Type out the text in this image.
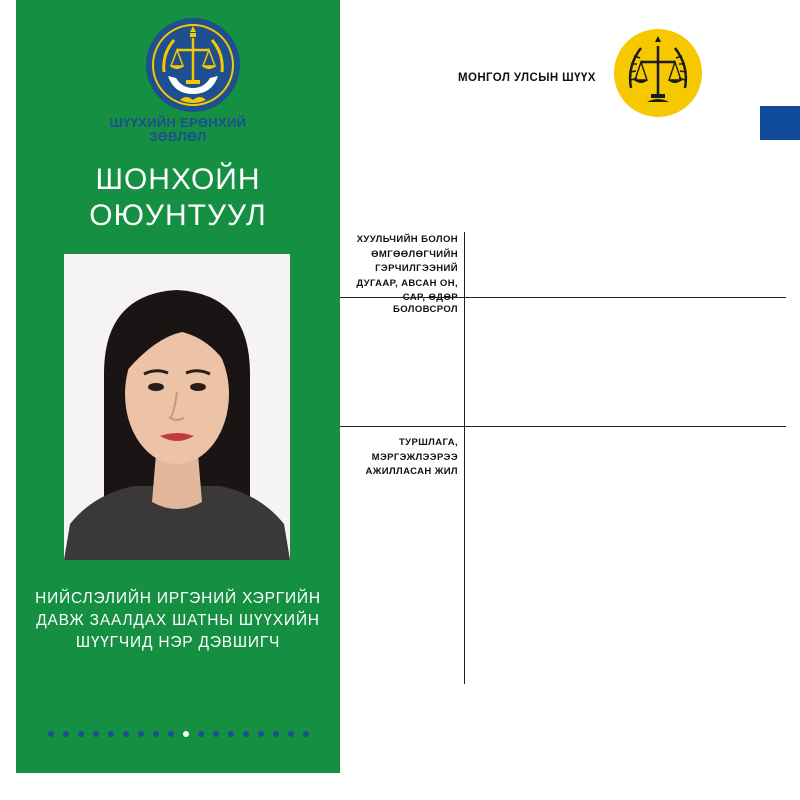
ШҮҮХИЙН ЕРӨНХИЙ
ЗӨВЛӨЛ
ШОНХОЙН
ОЮУНТУУЛ
НИЙСЛЭЛИЙН ИРГЭНИЙ ХЭРГИЙН
ДАВЖ ЗААЛДАХ ШАТНЫ ШҮҮХИЙН
ШҮҮГЧИД НЭР ДЭВШИГЧ
МОНГОЛ УЛСЫН ШҮҮХ
ХУУЛЬЧИЙН БОЛОН
ӨМГӨӨЛӨГЧИЙН
ГЭРЧИЛГЭЭНИЙ
ДУГААР, АВСАН ОН,
САР, ӨДӨР
БОЛОВСРОЛ
ТУРШЛАГА,
МЭРГЭЖЛЭЭРЭЭ
АЖИЛЛАСАН ЖИЛ
